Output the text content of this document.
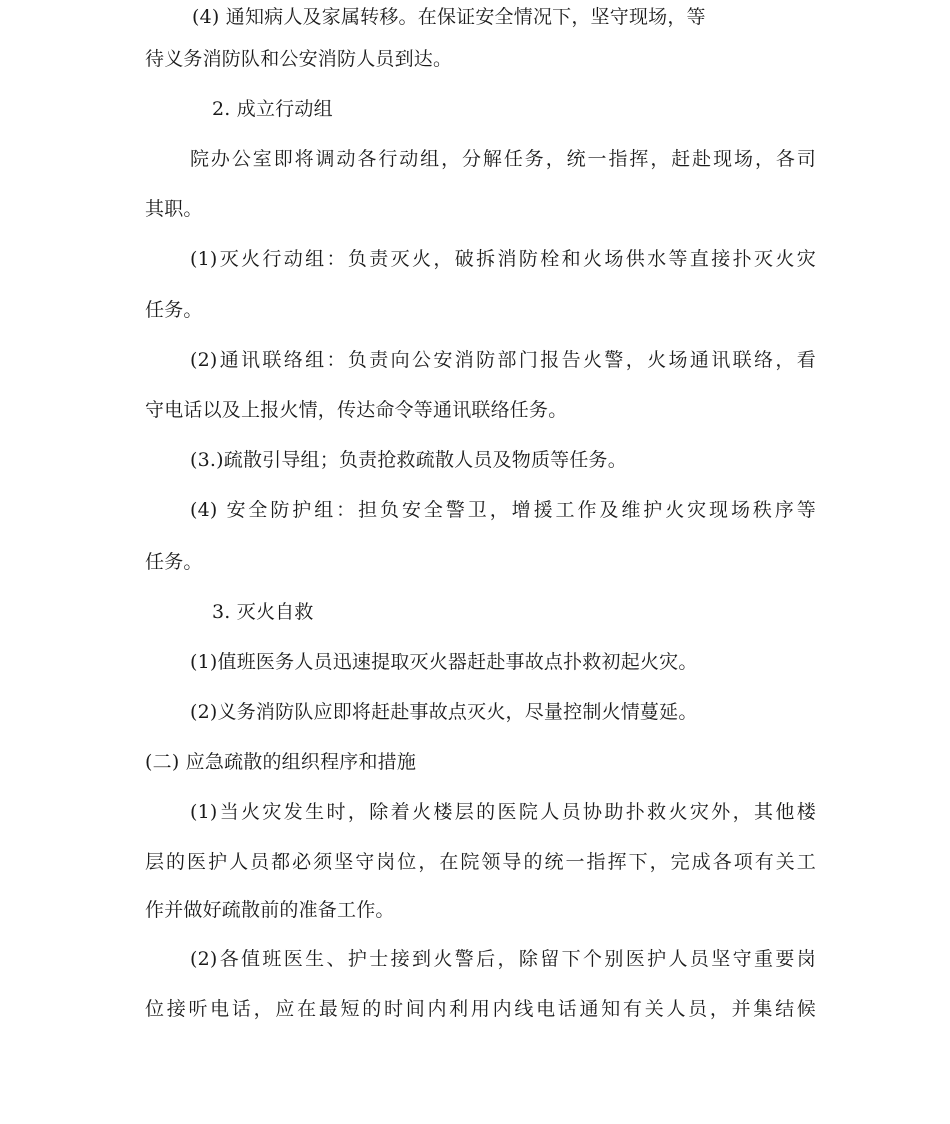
(4) 通知病人及家属转移。在保证安全情况下，坚守现场，等
待义务消防队和公安消防人员到达。
2. 成立行动组
院办公室即将调动各行动组，分解任务，统一指挥，赶赴现场，各司
其职。
(1)灭火行动组：负责灭火，破拆消防栓和火场供水等直接扑灭火灾
任务。
(2)通讯联络组：负责向公安消防部门报告火警，火场通讯联络，看
守电话以及上报火情，传达命令等通讯联络任务。
(3.)疏散引导组；负责抢救疏散人员及物质等任务。
(4) 安全防护组：担负安全警卫，增援工作及维护火灾现场秩序等
任务。
3. 灭火自救
(1)值班医务人员迅速提取灭火器赶赴事故点扑救初起火灾。
(2)义务消防队应即将赶赴事故点灭火，尽量控制火情蔓延。
(二) 应急疏散的组织程序和措施
(1)当火灾发生时，除着火楼层的医院人员协助扑救火灾外，其他楼
层的医护人员都必须坚守岗位，在院领导的统一指挥下，完成各项有关工
作并做好疏散前的准备工作。
(2)各值班医生、护士接到火警后，除留下个别医护人员坚守重要岗
位接听电话，应在最短的时间内利用内线电话通知有关人员，并集结候
